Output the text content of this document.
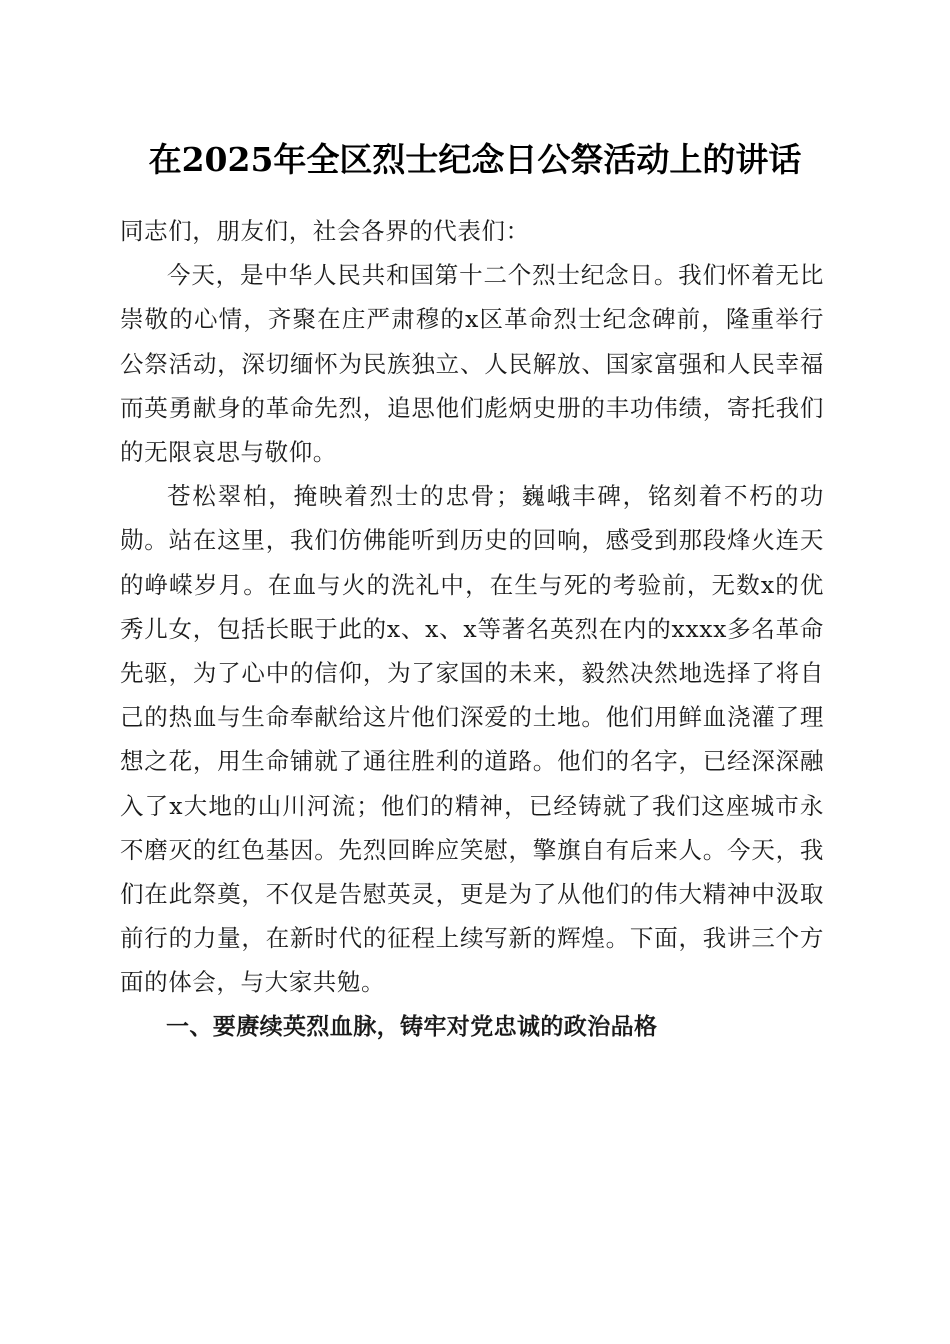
在2025年全区烈士纪念日公祭活动上的讲话

同志们，朋友们，社会各界的代表们：

今天，是中华人民共和国第十二个烈士纪念日。我们怀着无比崇敬的心情，齐聚在庄严肃穆的x区革命烈士纪念碑前，隆重举行公祭活动，深切缅怀为民族独立、人民解放、国家富强和人民幸福而英勇献身的革命先烈，追思他们彪炳史册的丰功伟绩，寄托我们的无限哀思与敬仰。

苍松翠柏，掩映着烈士的忠骨；巍峨丰碑，铭刻着不朽的功勋。站在这里，我们仿佛能听到历史的回响，感受到那段烽火连天的峥嵘岁月。在血与火的洗礼中，在生与死的考验前，无数x的优秀儿女，包括长眠于此的x、x、x等著名英烈在内的xxxx多名革命先驱，为了心中的信仰，为了家国的未来，毅然决然地选择了将自己的热血与生命奉献给这片他们深爱的土地。他们用鲜血浇灌了理想之花，用生命铺就了通往胜利的道路。他们的名字，已经深深融入了x大地的山川河流；他们的精神，已经铸就了我们这座城市永不磨灭的红色基因。先烈回眸应笑慰，擎旗自有后来人。今天，我们在此祭奠，不仅是告慰英灵，更是为了从他们的伟大精神中汲取前行的力量，在新时代的征程上续写新的辉煌。下面，我讲三个方面的体会，与大家共勉。

一、要赓续英烈血脉，铸牢对党忠诚的政治品格
